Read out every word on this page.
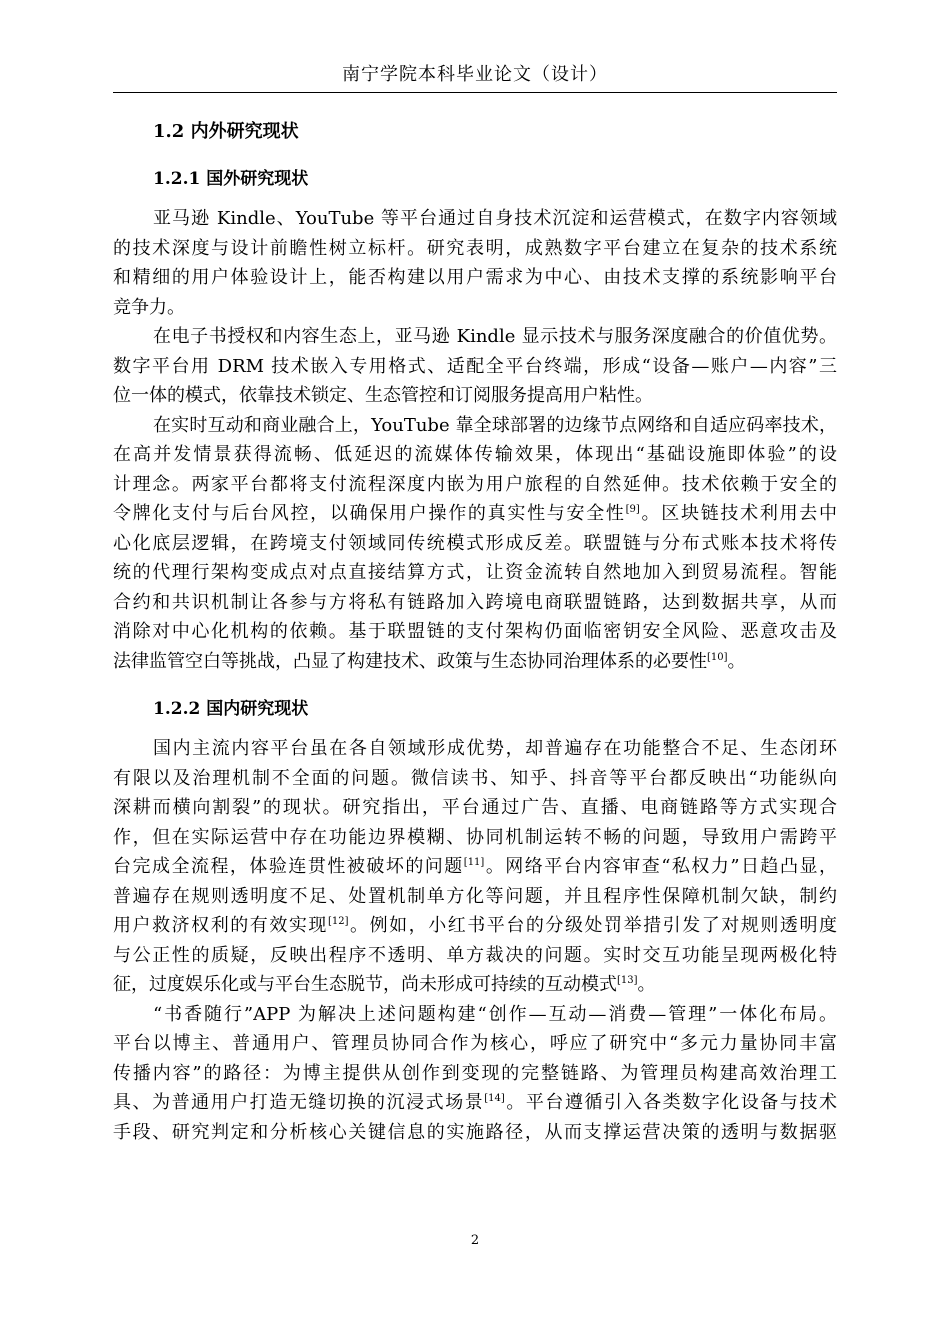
南宁学院本科毕业论文（设计）
1.2 内外研究现状
1.2.1 国外研究现状
亚马逊 Kindle、YouTube 等平台通过自身技术沉淀和运营模式，在数字内容领域
的技术深度与设计前瞻性树立标杆。研究表明，成熟数字平台建立在复杂的技术系统
和精细的用户体验设计上，能否构建以用户需求为中心、由技术支撑的系统影响平台
竞争力。
在电子书授权和内容生态上，亚马逊 Kindle 显示技术与服务深度融合的价值优势。
数字平台用 DRM 技术嵌入专用格式、适配全平台终端，形成“设备—账户—内容”三
位一体的模式，依靠技术锁定、生态管控和订阅服务提高用户粘性。
在实时互动和商业融合上，YouTube 靠全球部署的边缘节点网络和自适应码率技术，
在高并发情景获得流畅、低延迟的流媒体传输效果，体现出“基础设施即体验”的设
计理念。两家平台都将支付流程深度内嵌为用户旅程的自然延伸。技术依赖于安全的
令牌化支付与后台风控，以确保用户操作的真实性与安全性[9]。区块链技术利用去中
心化底层逻辑，在跨境支付领域同传统模式形成反差。联盟链与分布式账本技术将传
统的代理行架构变成点对点直接结算方式，让资金流转自然地加入到贸易流程。智能
合约和共识机制让各参与方将私有链路加入跨境电商联盟链路，达到数据共享，从而
消除对中心化机构的依赖。基于联盟链的支付架构仍面临密钥安全风险、恶意攻击及
法律监管空白等挑战，凸显了构建技术、政策与生态协同治理体系的必要性[10]。
1.2.2 国内研究现状
国内主流内容平台虽在各自领域形成优势，却普遍存在功能整合不足、生态闭环
有限以及治理机制不全面的问题。微信读书、知乎、抖音等平台都反映出“功能纵向
深耕而横向割裂”的现状。研究指出，平台通过广告、直播、电商链路等方式实现合
作，但在实际运营中存在功能边界模糊、协同机制运转不畅的问题，导致用户需跨平
台完成全流程，体验连贯性被破坏的问题[11]。网络平台内容审查“私权力”日趋凸显，
普遍存在规则透明度不足、处置机制单方化等问题，并且程序性保障机制欠缺，制约
用户救济权利的有效实现[12]。例如，小红书平台的分级处罚举措引发了对规则透明度
与公正性的质疑，反映出程序不透明、单方裁决的问题。实时交互功能呈现两极化特
征，过度娱乐化或与平台生态脱节，尚未形成可持续的互动模式[13]。
“书香随行”APP 为解决上述问题构建“创作—互动—消费—管理”一体化布局。
平台以博主、普通用户、管理员协同合作为核心，呼应了研究中“多元力量协同丰富
传播内容”的路径：为博主提供从创作到变现的完整链路、为管理员构建高效治理工
具、为普通用户打造无缝切换的沉浸式场景[14]。平台遵循引入各类数字化设备与技术
手段、研究判定和分析核心关键信息的实施路径，从而支撑运营决策的透明与数据驱
2
